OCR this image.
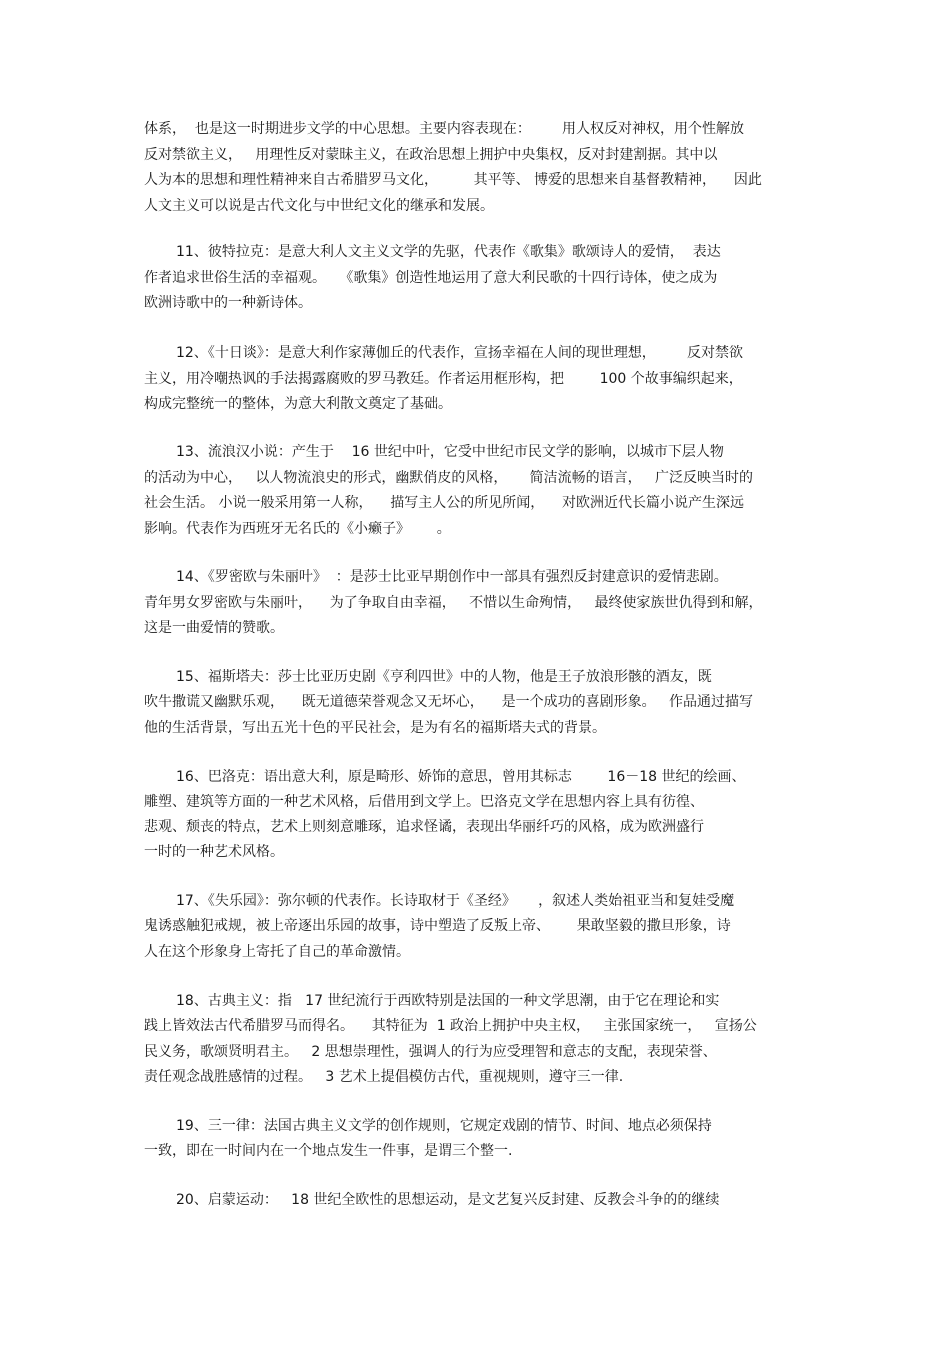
体系，  也是这一时期进步文学的中心思想。主要内容表现在：       用人权反对神权，用个性解放
反对禁欲主义，   用理性反对蒙昧主义，在政治思想上拥护中央集权，反对封建割据。其中以
人为本的思想和理性精神来自古希腊罗马文化，        其平等、 博爱的思想来自基督教精神，    因此
人文主义可以说是古代文化与中世纪文化的继承和发展。
11、彼特拉克：是意大利人文主义文学的先驱，代表作《歌集》歌颂诗人的爱情，  表达
作者追求世俗生活的幸福观。   《歌集》创造性地运用了意大利民歌的十四行诗体，使之成为
欧洲诗歌中的一种新诗体。
12、《十日谈》：是意大利作家薄伽丘的代表作，宣扬幸福在人间的现世理想，       反对禁欲
主义，用冷嘲热讽的手法揭露腐败的罗马教廷。作者运用框形构，把        100 个故事编织起来，
构成完整统一的整体，为意大利散文奠定了基础。
13、流浪汉小说：产生于    16 世纪中叶，它受中世纪市民文学的影响，以城市下层人物
的活动为中心，   以人物流浪史的形式，幽默俏皮的风格，     简洁流畅的语言，   广泛反映当时的
社会生活。 小说一般采用第一人称，    描写主人公的所见所闻，    对欧洲近代长篇小说产生深远
影响。代表作为西班牙无名氏的《小癞子》      。
14、《罗密欧与朱丽叶》  ：是莎士比亚早期创作中一部具有强烈反封建意识的爱情悲剧。
青年男女罗密欧与朱丽叶，    为了争取自由幸福，   不惜以生命殉情，   最终使家族世仇得到和解，
这是一曲爱情的赞歌。
15、福斯塔夫：莎士比亚历史剧《亨利四世》中的人物，他是王子放浪形骸的酒友，既
吹牛撒谎又幽默乐观，    既无道德荣誉观念又无坏心，    是一个成功的喜剧形象。   作品通过描写
他的生活背景，写出五光十色的平民社会，是为有名的福斯塔夫式的背景。
16、巴洛克：语出意大利，原是畸形、娇饰的意思，曾用其标志        16－18 世纪的绘画、
雕塑、建筑等方面的一种艺术风格，后借用到文学上。巴洛克文学在思想内容上具有彷徨、
悲观、颓丧的特点，艺术上则刻意雕琢，追求怪谲，表现出华丽纤巧的风格，成为欧洲盛行
一时的一种艺术风格。
17、《失乐园》：弥尔顿的代表作。长诗取材于《圣经》     ，叙述人类始祖亚当和复娃受魔
鬼诱惑触犯戒规，被上帝逐出乐园的故事，诗中塑造了反叛上帝、      果敢坚毅的撒旦形象，诗
人在这个形象身上寄托了自己的革命激情。
18、古典主义：指   17 世纪流行于西欧特别是法国的一种文学思潮，由于它在理论和实
践上皆效法古代希腊罗马而得名。    其特征为  1 政治上拥护中央主权，   主张国家统一，   宣扬公
民义务，歌颂贤明君主。   2 思想崇理性，强调人的行为应受理智和意志的支配，表现荣誉、
责任观念战胜感情的过程。   3 艺术上提倡模仿古代，重视规则，遵守三一律.
19、三一律：法国古典主义文学的创作规则，它规定戏剧的情节、时间、地点必须保持
一致，即在一时间内在一个地点发生一件事，是谓三个整一.
20、启蒙运动：   18 世纪全欧性的思想运动，是文艺复兴反封建、反教会斗争的的继续
